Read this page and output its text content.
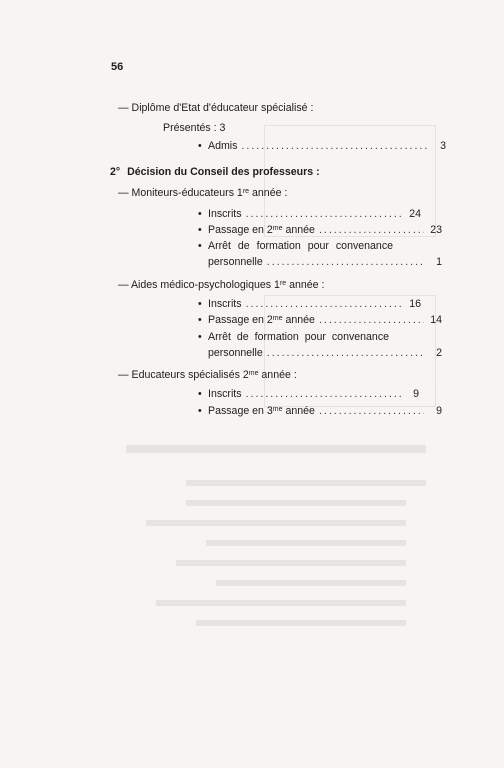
56
— Diplôme d'Etat d'éducateur spécialisé :
Présentés : 3
• Admis .....	3
2° Décision du Conseil des professeurs :
— Moniteurs-éducateurs 1re année :
• Inscrits .....	24
• Passage en $2^{me}$ année .....	23
• Arrêt de formation pour convenance
personnelle .....	1
— Aides médico-psychologiques 1re année :
• Inscrits .....	16
• Passage en $2^{me}$ année .....	14
• Arrêt de formation pour convenance
personnelle .....	2
— Educateurs spécialisés $2^{me}$ année :
• Inscrits .....	9
• Passage en $3^{me}$ année .....	9
